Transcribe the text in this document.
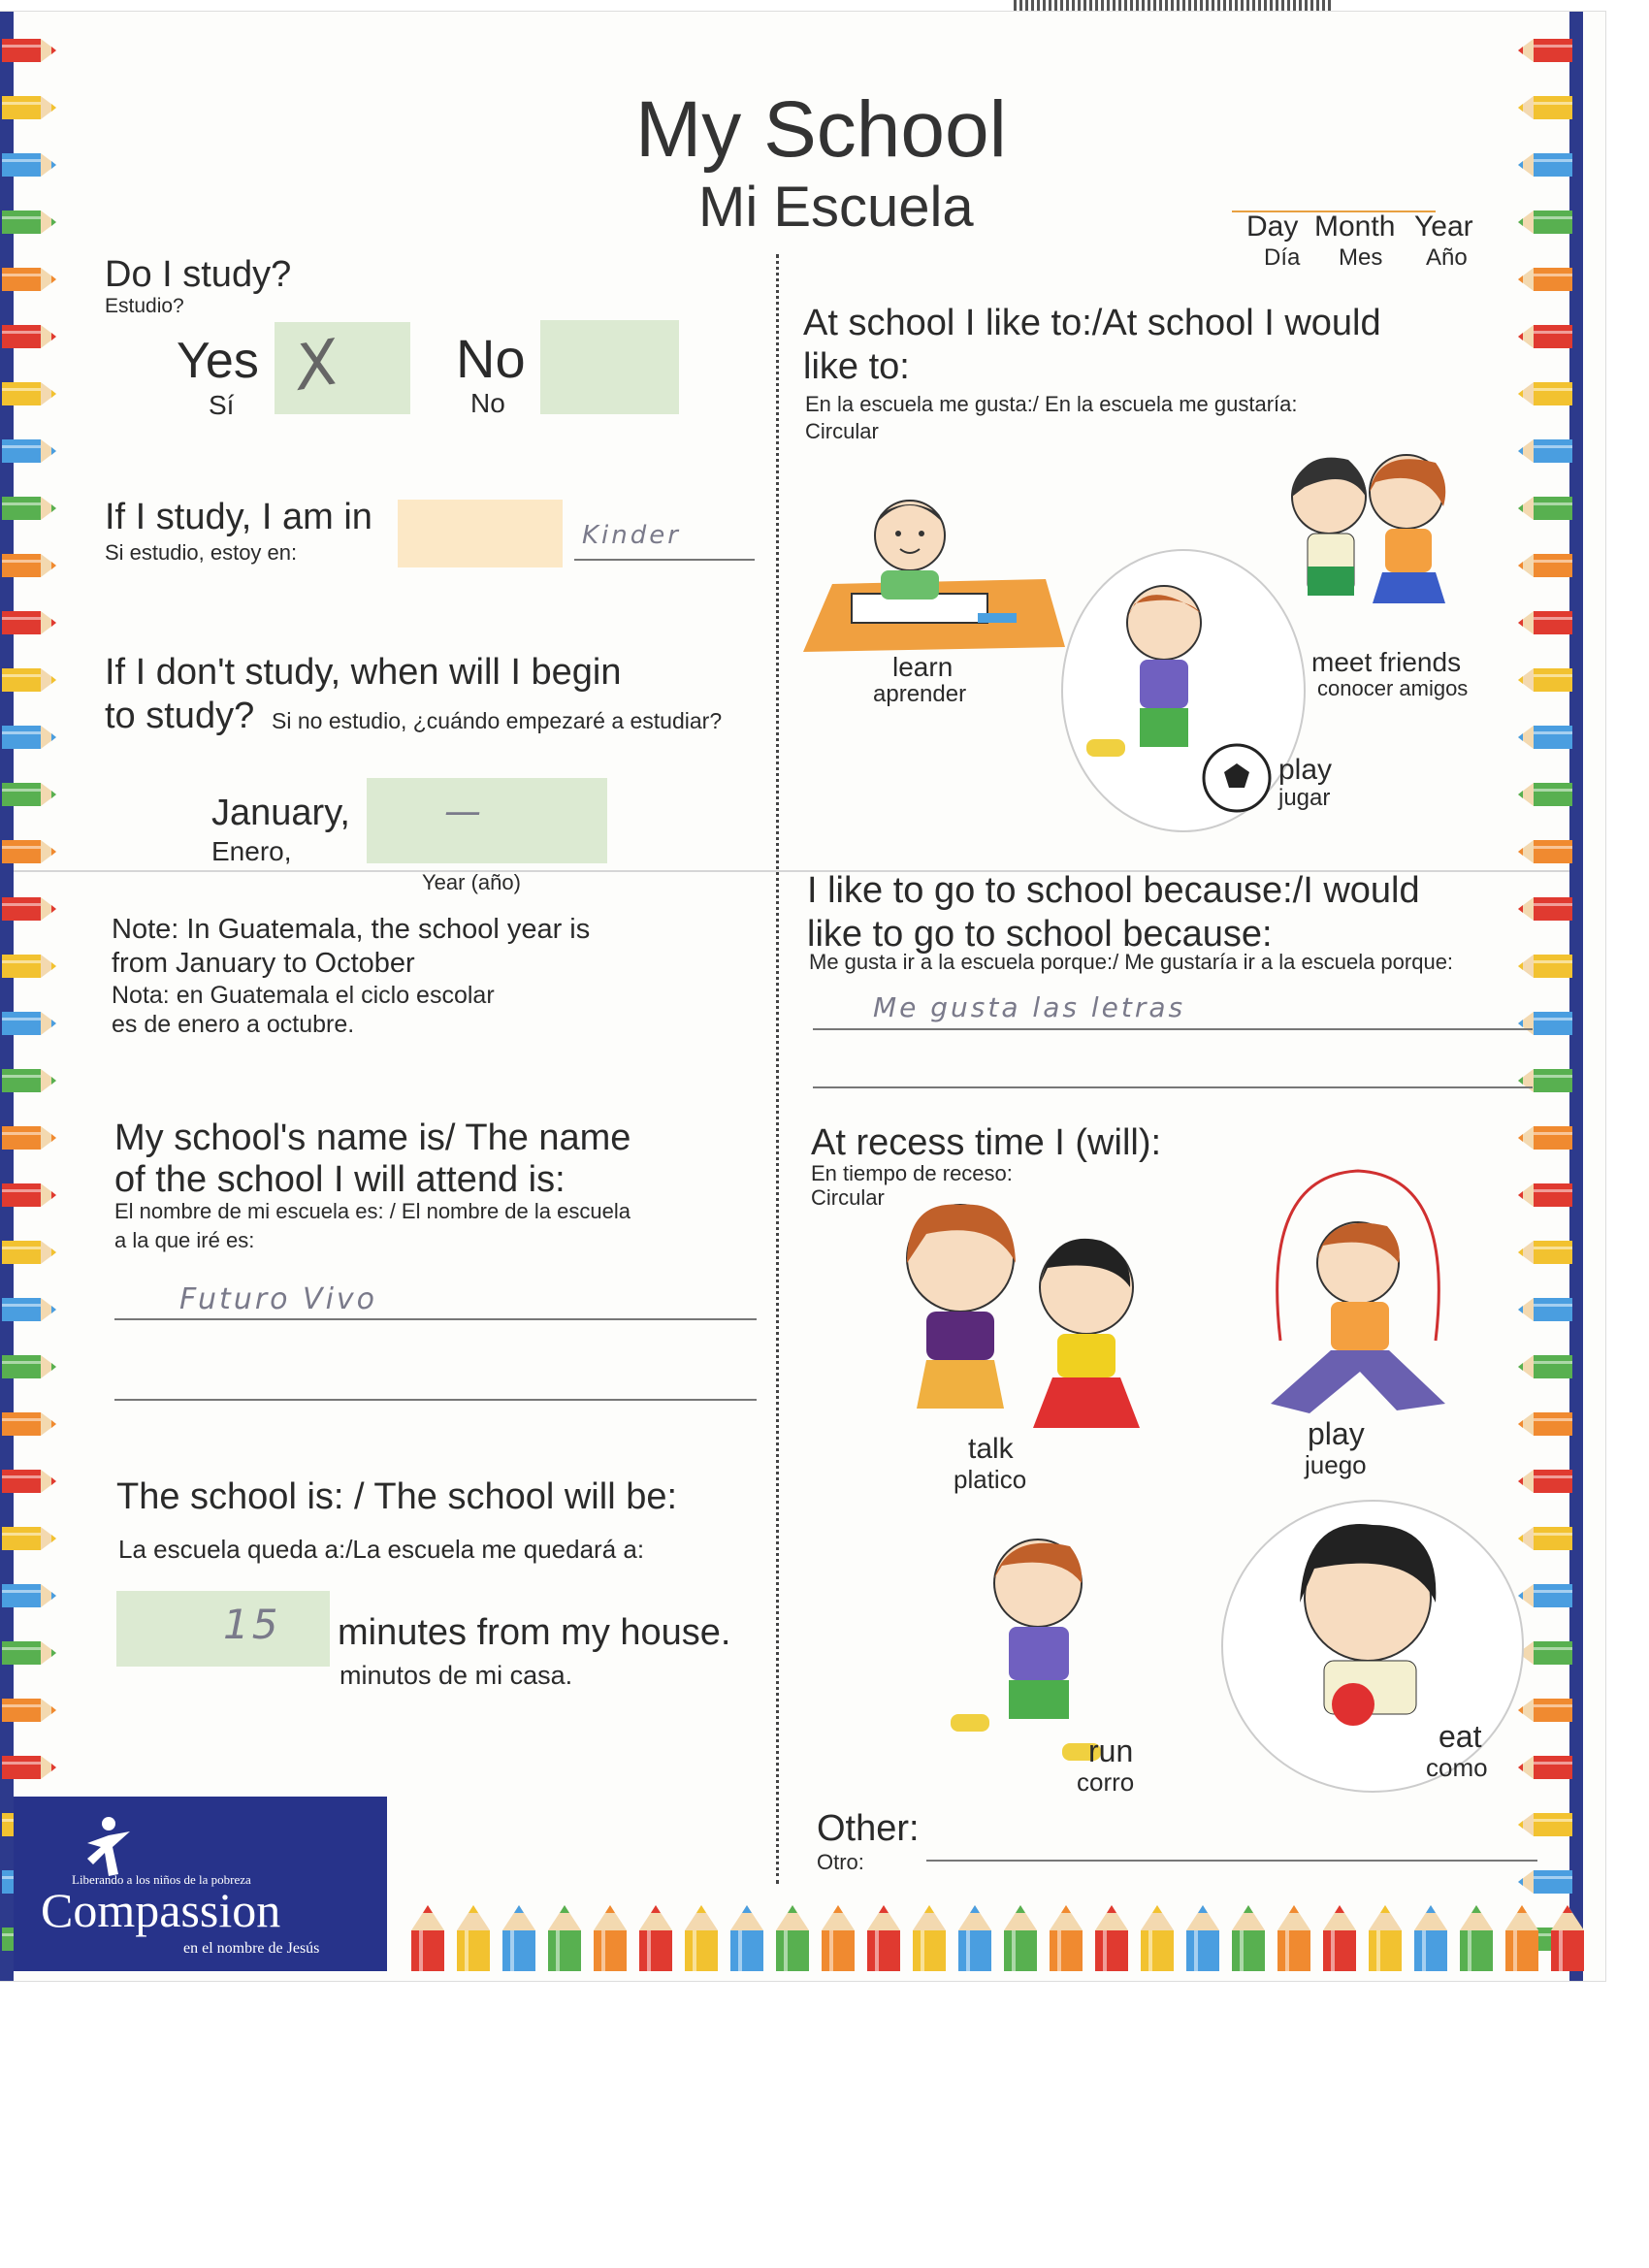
My School
Mi Escuela	Day
Día
Month
Mes
Year
Año
Do I study?
Estudio?
Yes
Sí X No
No
If I study, I am in
Si estudio, estoy en:
Kinder
If I don't study, when will I begin
to study? Si no estudio, ¿cuándo empezaré a estudiar?
January,
Enero,
—
Year (año)
Note: In Guatemala, the school year is
from January to October
Nota: en Guatemala el ciclo escolar
es de enero a octubre.
My school's name is/ The name
of the school I will attend is:
El nombre de mi escuela es: / El nombre de la escuela
a la que iré es:
Futuro Vivo
The school is: / The school will be:
La escuela queda a:/La escuela me quedará a:
15 minutes from my house.
minutos de mi casa.
Liberando a los niños de la pobreza
Compassion
en el nombre de Jesús
At school I like to:/At school I would
like to:
En la escuela me gusta:/ En la escuela me gustaría:
Circular
learn
aprender
meet friends
conocer amigos
play
jugar
I like to go to school because:/I would
like to go to school because:
Me gusta ir a la escuela porque:/ Me gustaría ir a la escuela porque:
Me gusta las letras
At recess time I (will):
En tiempo de receso:
Circular
talk
platico
play
juego
run
corro
eat
como
Other:
Otro:
